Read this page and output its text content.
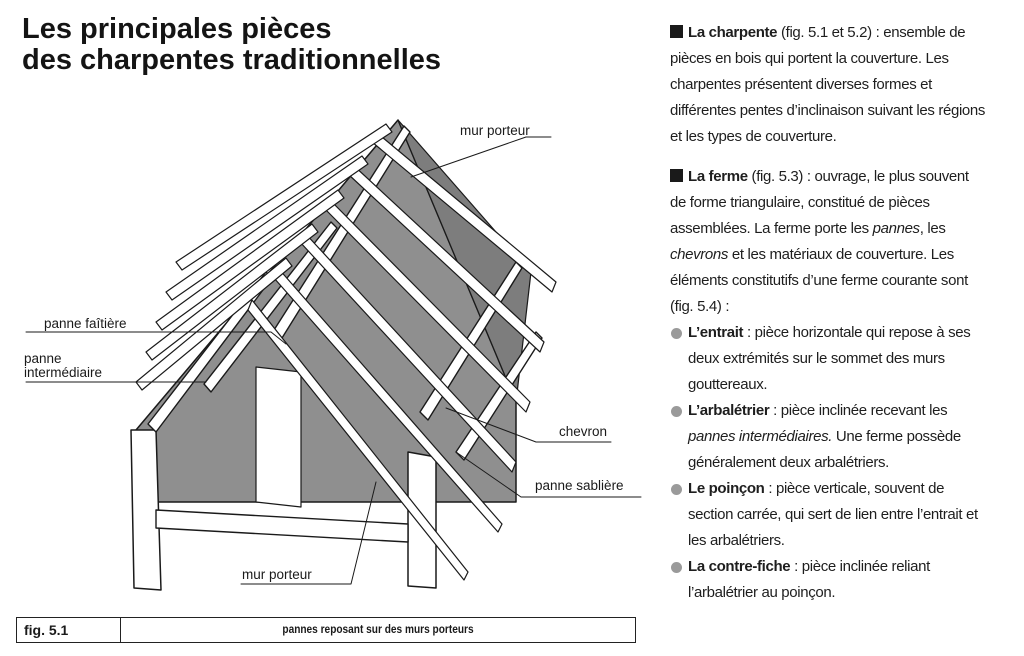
Les principales pièces
des charpentes traditionnelles
mur porteur
panne faîtière
panne
intermédiaire
chevron
panne sablière
mur porteur
fig. 5.1	pannes reposant sur des murs porteurs

La charpente (fig. 5.1 et 5.2) : ensemble de pièces en bois qui portent la couverture. Les charpentes présentent diverses formes et différentes pentes d’inclinaison suivant les régions et les types de couverture.

La ferme (fig. 5.3) : ouvrage, le plus souvent de forme triangulaire, constitué de pièces assemblées. La ferme porte les pannes, les chevrons et les matériaux de couverture. Les éléments constitutifs d’une ferme courante sont (fig. 5.4) :

L’entrait : pièce horizontale qui repose à ses deux extrémités sur le sommet des murs gouttereaux.
L’arbalétrier : pièce inclinée recevant les pannes intermédiaires. Une ferme possède généralement deux arbalétriers.
Le poinçon : pièce verticale, souvent de section carrée, qui sert de lien entre l’entrait et les arbalétriers.
La contre-fiche : pièce inclinée reliant l’arbalétrier au poinçon.
